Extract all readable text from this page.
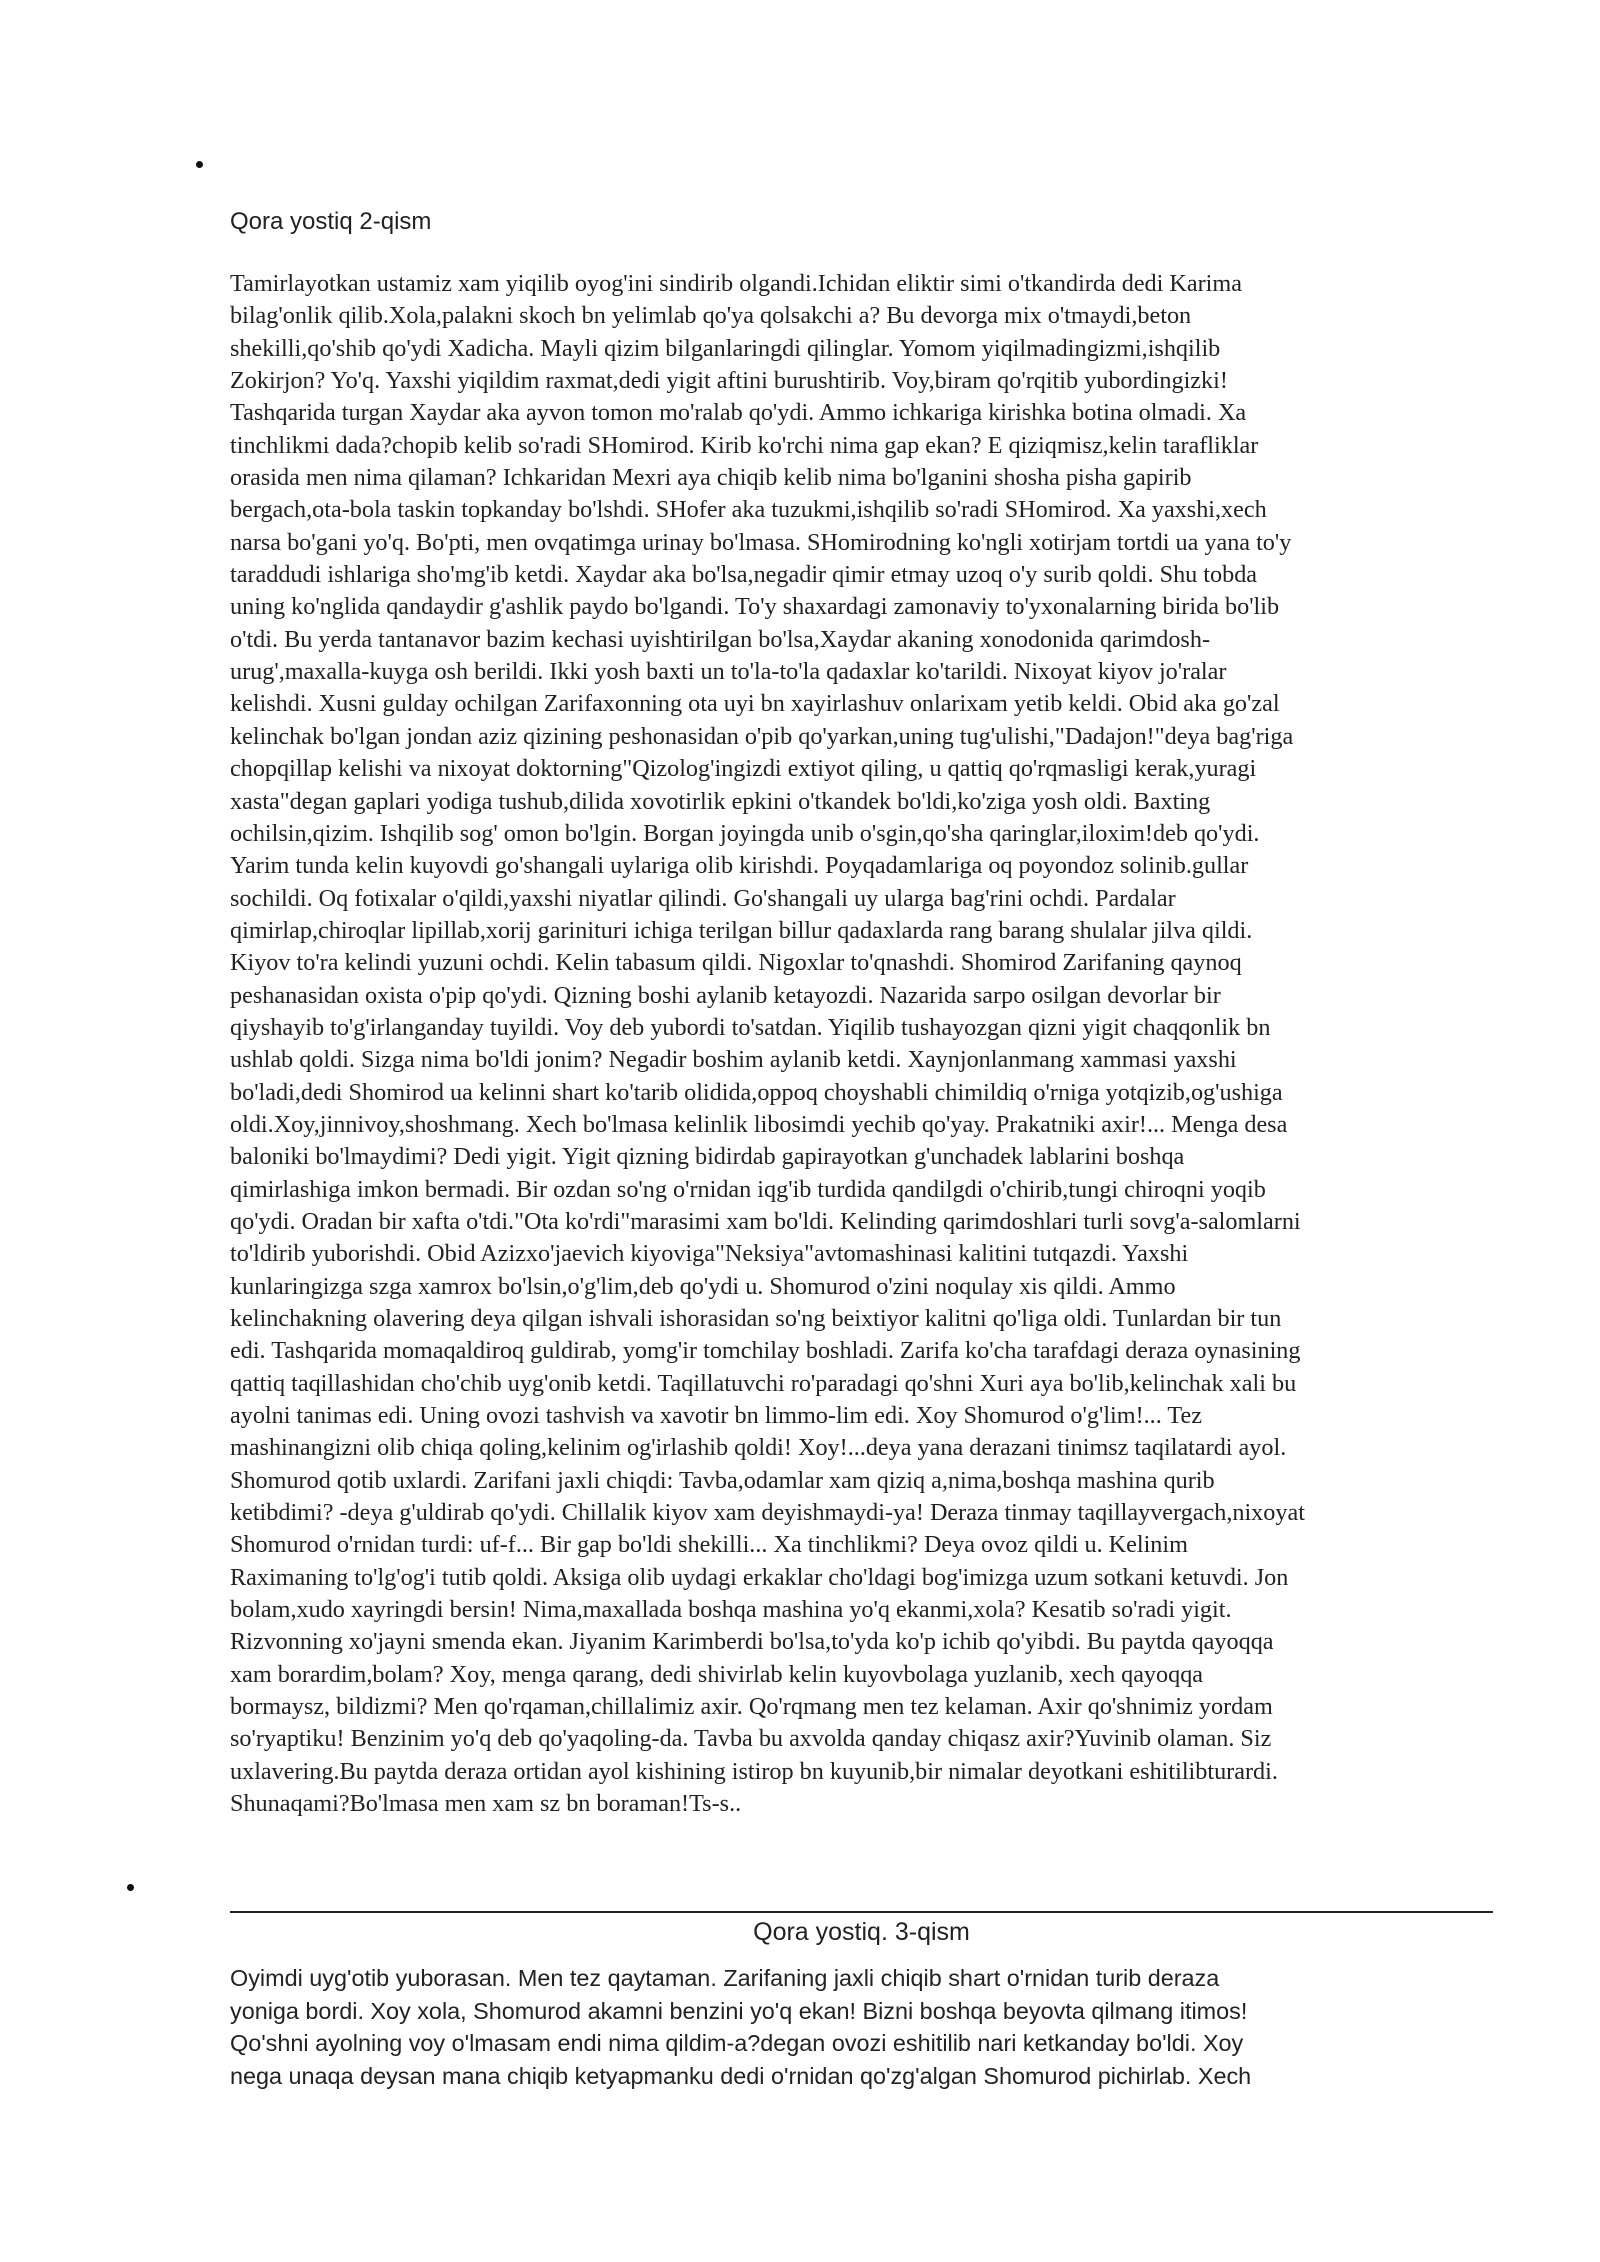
Qora yostiq 2-qism
Tamirlayotkan ustamiz xam yiqilib oyog'ini sindirib olgandi.Ichidan eliktir simi o'tkandirda dedi Karima
bilag'onlik qilib.Xola,palakni skoch bn yelimlab qo'ya qolsakchi a? Bu devorga mix o'tmaydi,beton
shekilli,qo'shib qo'ydi Xadicha. Mayli qizim bilganlaringdi qilinglar. Yomom yiqilmadingizmi,ishqilib
Zokirjon? Yo'q. Yaxshi yiqildim raxmat,dedi yigit aftini burushtirib. Voy,biram qo'rqitib yubordingizki!
Tashqarida turgan Xaydar aka ayvon tomon mo'ralab qo'ydi. Ammo ichkariga kirishka botina olmadi. Xa
tinchlikmi dada?chopib kelib so'radi SHomirod. Kirib ko'rchi nima gap ekan? E qiziqmisz,kelin tarafliklar
orasida men nima qilaman? Ichkaridan Mexri aya chiqib kelib nima bo'lganini shosha pisha gapirib
bergach,ota-bola taskin topkanday bo'lshdi. SHofer aka tuzukmi,ishqilib so'radi SHomirod. Xa yaxshi,xech
narsa bo'gani yo'q. Bo'pti, men ovqatimga urinay bo'lmasa. SHomirodning ko'ngli xotirjam tortdi ua yana to'y
taraddudi ishlariga sho'mg'ib ketdi. Xaydar aka bo'lsa,negadir qimir etmay uzoq o'y surib qoldi. Shu tobda
uning ko'nglida qandaydir g'ashlik paydo bo'lgandi. To'y shaxardagi zamonaviy to'yxonalarning birida bo'lib
o'tdi. Bu yerda tantanavor bazim kechasi uyishtirilgan bo'lsa,Xaydar akaning xonodonida qarimdosh-
urug',maxalla-kuyga osh berildi. Ikki yosh baxti un to'la-to'la qadaxlar ko'tarildi. Nixoyat kiyov jo'ralar
kelishdi. Xusni gulday ochilgan Zarifaxonning ota uyi bn xayirlashuv onlarixam yetib keldi. Obid aka go'zal
kelinchak bo'lgan jondan aziz qizining peshonasidan o'pib qo'yarkan,uning tug'ulishi,"Dadajon!"deya bag'riga
chopqillap kelishi va nixoyat doktorning"Qizolog'ingizdi extiyot qiling, u qattiq qo'rqmasligi kerak,yuragi
xasta"degan gaplari yodiga tushub,dilida xovotirlik epkini o'tkandek bo'ldi,ko'ziga yosh oldi. Baxting
ochilsin,qizim. Ishqilib sog' omon bo'lgin. Borgan joyingda unib o'sgin,qo'sha qaringlar,iloxim!deb qo'ydi.
Yarim tunda kelin kuyovdi go'shangali uylariga olib kirishdi. Poyqadamlariga oq poyondoz solinib.gullar
sochildi. Oq fotixalar o'qildi,yaxshi niyatlar qilindi. Go'shangali uy ularga bag'rini ochdi. Pardalar
qimirlap,chiroqlar lipillab,xorij gariniturі ichiga terilgan billur qadaxlarda rang barang shulalar jilva qildi.
Kiyov to'ra kelindi yuzuni ochdi. Kelin tabasum qildi. Nigoxlar to'qnashdi. Shomirod Zarifaning qaynoq
peshanasidan oxista o'pip qo'ydi. Qizning boshi aylanib ketayozdi. Nazarida sarpo osilgan devorlar bir
qiyshayib to'g'irlanganday tuyildi. Voy deb yubordi to'satdan. Yiqilib tushayozgan qizni yigit chaqqonlik bn
ushlab qoldi. Sizga nima bo'ldi jonim? Negadir boshim aylanib ketdi. Xaynjonlanmang xammasi yaxshi
bo'ladi,dedi Shomirod ua kelinni shart ko'tarib olidida,oppoq choyshabli chimildiq o'rniga yotqizib,og'ushiga
oldi.Xoy,jinnivoy,shoshmang. Xech bo'lmasa kelinlik libosimdi yechib qo'yay. Prakatniki axir!... Menga desa
baloniki bo'lmaydimi? Dedi yigit. Yigit qizning bidirdab gapirayotkan g'unchadek lablarini boshqa
qimirlashiga imkon bermadi. Bir ozdan so'ng o'rnidan iqg'ib turdida qandilgdi o'chirib,tungi chiroqni yoqib
qo'ydi. Oradan bir xafta o'tdi."Ota ko'rdi"marasimi xam bo'ldi. Kelinding qarimdoshlari turli sovg'a-salomlarni
to'ldirib yuborishdi. Obid Azizxo'jaevich kiyoviga"Neksiya"avtomashinasi kalitini tutqazdi. Yaxshi
kunlaringizga szga xamrox bo'lsin,o'g'lim,deb qo'ydi u. Shomurod o'zini noqulay xis qildi. Ammo
kelinchakning olavering deya qilgan ishvali ishorasidan so'ng beixtiyor kalitni qo'liga oldi. Tunlardan bir tun
edi. Tashqarida momaqaldiroq guldirab, yomg'ir tomchilay boshladi. Zarifa ko'cha tarafdagi deraza oynasining
qattiq taqillashidan cho'chib uyg'onib ketdi. Taqillatuvchi ro'paradagi qo'shni Xuri aya bo'lib,kelinchak xali bu
ayolni tanimas edi. Uning ovozi tashvish va xavotir bn limmo-lim edi. Xoy Shomurod o'g'lim!... Tez
mashinangizni olib chiqa qoling,kelinim og'irlashib qoldi! Xoy!...deya yana derazani tinimsz taqilatardi ayol.
Shomurod qotib uxlardi. Zarifani jaxli chiqdi: Tavba,odamlar xam qiziq a,nima,boshqa mashina qurib
ketibdimi? -deya g'uldirab qo'ydi. Chillalik kiyov xam deyishmaydi-ya! Deraza tinmay taqillayvergach,nixoyat
Shomurod o'rnidan turdi: uf-f... Bir gap bo'ldi shekilli... Xa tinchlikmi? Deya ovoz qildi u. Kelinim
Raximaning to'lg'og'i tutib qoldi. Aksiga olib uydagi erkaklar cho'ldagi bog'imizga uzum sotkani ketuvdi. Jon
bolam,xudo xayringdi bersin! Nima,maxallada boshqa mashina yo'q ekanmi,xola? Kesatib so'radi yigit.
Rizvonning xo'jayni smenda ekan. Jiyanim Karimberdi bo'lsa,to'yda ko'p ichib qo'yibdi. Bu paytda qayoqqa
xam borardim,bolam? Xoy, menga qarang, dedi shivirlab kelin kuyovbolaga yuzlanib, xech qayoqqa
bormaysz, bildizmi? Men qo'rqaman,chillalimiz axir. Qo'rqmang men tez kelaman. Axir qo'shnimiz yordam
so'ryaptiku! Benzinim yo'q deb qo'yaqoling-da. Tavba bu axvolda qanday chiqasz axir?Yuvinib olaman. Siz
uxlavering.Bu paytda deraza ortidan ayol kishining istirop bn kuyunib,bir nimalar deyotkani eshitilibturardi.
Shunaqami?Bo'lmasa men xam sz bn boraman!Ts-s..
Qora yostiq. 3-qism
Oyimdi uyg'otib yuborasan. Men tez qaytaman. Zarifaning jaxli chiqib shart o'rnidan turib deraza
yoniga bordi. Xoy xola, Shomurod akamni benzini yo'q ekan! Bizni boshqa beyovta qilmang itimos!
Qo'shni ayolning voy o'lmasam endi nima qildim-a?degan ovozi eshitilib nari ketkanday bo'ldi. Xoy
nega unaqa deysan mana chiqib ketyapmanku dedi o'rnidan qo'zg'algan Shomurod pichirlab. Xech
